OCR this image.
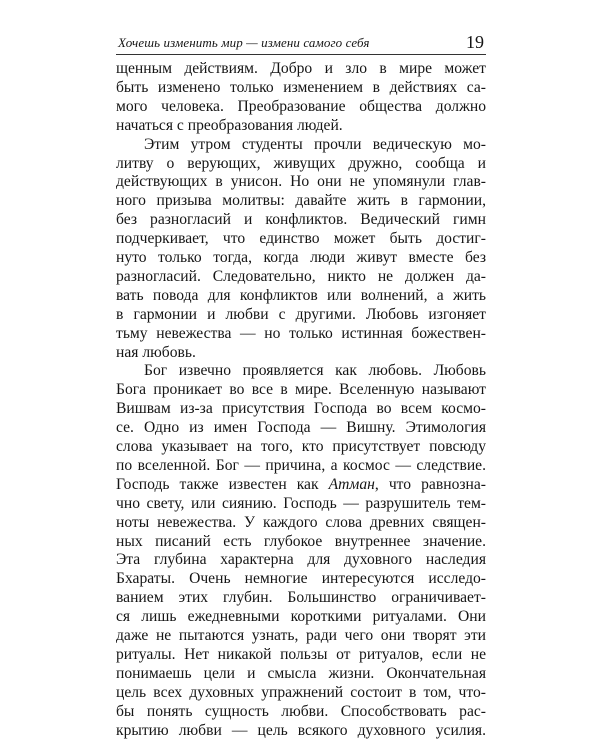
Хочешь изменить мир — измени самого себя	19
щенным действиям. Добро и зло в мире может
быть изменено только изменением в действиях са-
мого человека. Преобразование общества должно
начаться с преобразования людей.
Этим утром студенты прочли ведическую мо-
литву о верующих, живущих дружно, сообща и
действующих в унисон. Но они не упомянули глав-
ного призыва молитвы: давайте жить в гармонии,
без разногласий и конфликтов. Ведический гимн
подчеркивает, что единство может быть достиг-
нуто только тогда, когда люди живут вместе без
разногласий. Следовательно, никто не должен да-
вать повода для конфликтов или волнений, а жить
в гармонии и любви с другими. Любовь изгоняет
тьму невежества — но только истинная божествен-
ная любовь.
Бог извечно проявляется как любовь. Любовь
Бога проникает во все в мире. Вселенную называют
Вишвам из-за присутствия Господа во всем космо-
се. Одно из имен Господа — Вишну. Этимология
слова указывает на того, кто присутствует повсюду
по вселенной. Бог — причина, а космос — следствие.
Господь также известен как Атман, что равнозна-
чно свету, или сиянию. Господь — разрушитель тем-
ноты невежества. У каждого слова древних священ-
ных писаний есть глубокое внутреннее значение.
Эта глубина характерна для духовного наследия
Бхараты. Очень немногие интересуются исследо-
ванием этих глубин. Большинство ограничивает-
ся лишь ежедневными короткими ритуалами. Они
даже не пытаются узнать, ради чего они творят эти
ритуалы. Нет никакой пользы от ритуалов, если не
понимаешь цели и смысла жизни. Окончательная
цель всех духовных упражнений состоит в том, что-
бы понять сущность любви. Способствовать рас-
крытию любви — цель всякого духовного усилия.
